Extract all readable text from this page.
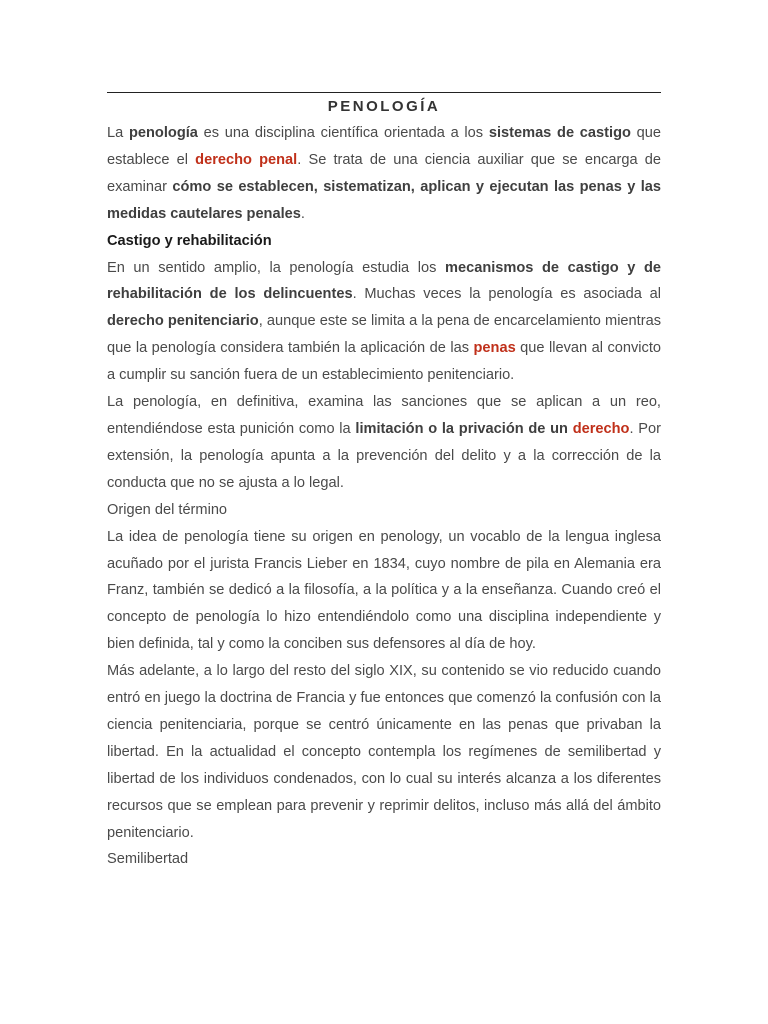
PENOLOGÍA

La penología es una disciplina científica orientada a los sistemas de castigo que establece el derecho penal. Se trata de una ciencia auxiliar que se encarga de examinar cómo se establecen, sistematizan, aplican y ejecutan las penas y las medidas cautelares penales.

Castigo y rehabilitación

En un sentido amplio, la penología estudia los mecanismos de castigo y de rehabilitación de los delincuentes. Muchas veces la penología es asociada al derecho penitenciario, aunque este se limita a la pena de encarcelamiento mientras que la penología considera también la aplicación de las penas que llevan al convicto a cumplir su sanción fuera de un establecimiento penitenciario.

La penología, en definitiva, examina las sanciones que se aplican a un reo, entendiéndose esta punición como la limitación o la privación de un derecho. Por extensión, la penología apunta a la prevención del delito y a la corrección de la conducta que no se ajusta a lo legal.

Origen del término

La idea de penología tiene su origen en penology, un vocablo de la lengua inglesa acuñado por el jurista Francis Lieber en 1834, cuyo nombre de pila en Alemania era Franz, también se dedicó a la filosofía, a la política y a la enseñanza. Cuando creó el concepto de penología lo hizo entendiéndolo como una disciplina independiente y bien definida, tal y como la conciben sus defensores al día de hoy.

Más adelante, a lo largo del resto del siglo XIX, su contenido se vio reducido cuando entró en juego la doctrina de Francia y fue entonces que comenzó la confusión con la ciencia penitenciaria, porque se centró únicamente en las penas que privaban la libertad. En la actualidad el concepto contempla los regímenes de semilibertad y libertad de los individuos condenados, con lo cual su interés alcanza a los diferentes recursos que se emplean para prevenir y reprimir delitos, incluso más allá del ámbito penitenciario.

Semilibertad
